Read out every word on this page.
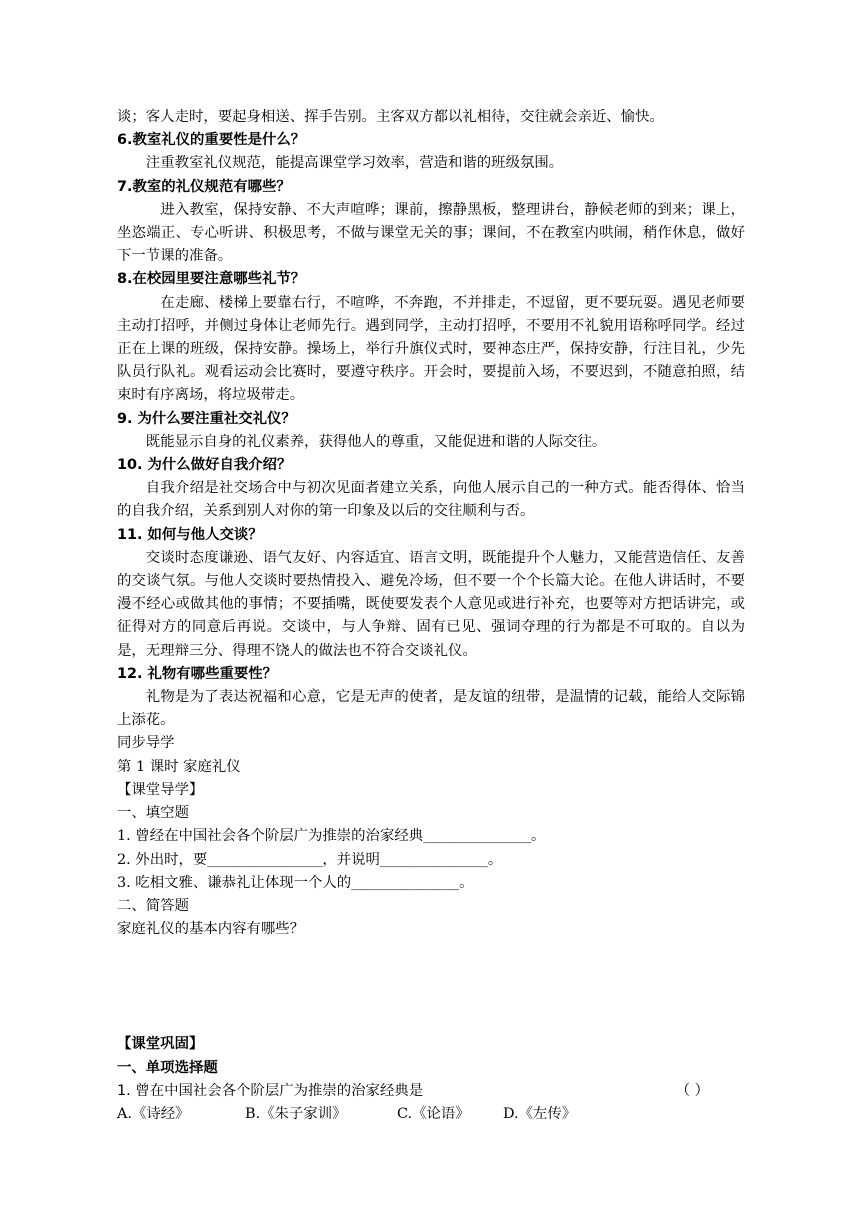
谈；客人走时，要起身相送、挥手告别。主客双方都以礼相待，交往就会亲近、愉快。

6.教室礼仪的重要性是什么？

注重教室礼仪规范，能提高课堂学习效率，营造和谐的班级氛围。

7.教室的礼仪规范有哪些？

进入教室，保持安静、不大声喧哗；课前，擦静黑板，整理讲台，静候老师的到来；课上，坐恣端正、专心听讲、积极思考，不做与课堂无关的事；课间，不在教室内哄闹，稍作休息，做好下一节课的准备。

8.在校园里要注意哪些礼节？

在走廊、楼梯上要靠右行，不喧哗，不奔跑，不并排走，不逗留，更不要玩耍。遇见老师要主动打招呼，并侧过身体让老师先行。遇到同学，主动打招呼，不要用不礼貌用语称呼同学。经过正在上课的班级，保持安静。操场上，举行升旗仪式时，要神态庄严，保持安静，行注目礼，少先队员行队礼。观看运动会比赛时，要遵守秩序。开会时，要提前入场，不要迟到，不随意拍照，结束时有序离场，将垃圾带走。

9. 为什么要注重社交礼仪？

既能显示自身的礼仪素养，获得他人的尊重，又能促进和谐的人际交往。

10. 为什么做好自我介绍？

自我介绍是社交场合中与初次见面者建立关系，向他人展示自己的一种方式。能否得体、恰当的自我介绍，关系到别人对你的第一印象及以后的交往顺利与否。

11. 如何与他人交谈？

交谈时态度谦逊、语气友好、内容适宜、语言文明，既能提升个人魅力，又能营造信任、友善的交谈气氛。与他人交谈时要热情投入、避免冷场，但不要一个个长篇大论。在他人讲话时，不要漫不经心或做其他的事情；不要插嘴，既使要发表个人意见或进行补充，也要等对方把话讲完，或征得对方的同意后再说。交谈中，与人争辩、固有已见、强词夺理的行为都是不可取的。自以为是，无理辩三分、得理不饶人的做法也不符合交谈礼仪。

12. 礼物有哪些重要性？

礼物是为了表达祝福和心意，它是无声的使者，是友谊的纽带，是温情的记载，能给人交际锦上添花。

同步导学

第 1 课时 家庭礼仪

【课堂导学】

一、填空题

1. 曾经在中国社会各个阶层广为推崇的治家经典_______________。

2. 外出时，要________________，并说明_______________。

3. 吃相文雅、谦恭礼让体现一个人的_______________。

二、简答题

家庭礼仪的基本内容有哪些？

【课堂巩固】

一、单项选择题

1. 曾在中国社会各个阶层广为推崇的治家经典是	（ ）
A.《诗经》	B.《朱子家训》	C.《论语》	D.《左传》
